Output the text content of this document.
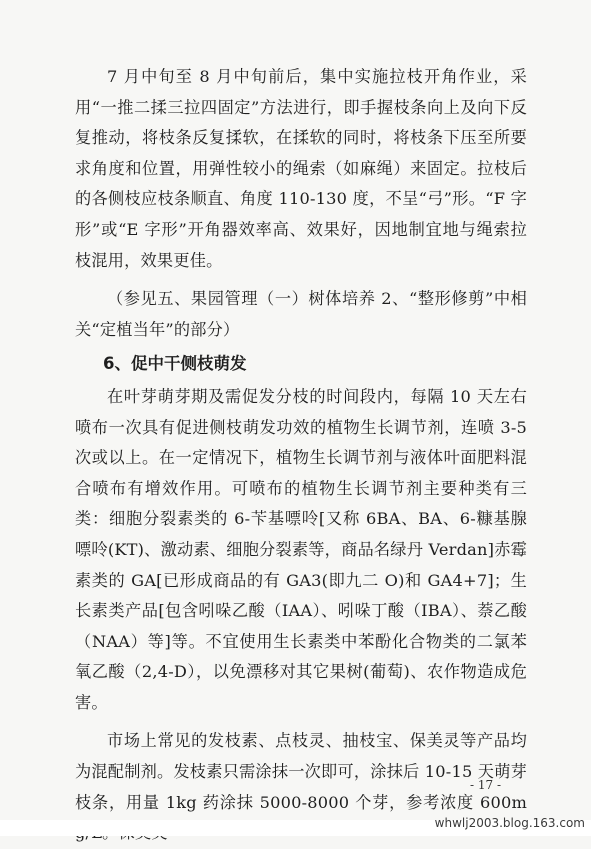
7 月中旬至 8 月中旬前后，集中实施拉枝开角作业，采用“一推二揉三拉四固定”方法进行，即手握枝条向上及向下反复推动，将枝条反复揉软，在揉软的同时，将枝条下压至所要求角度和位置，用弹性较小的绳索（如麻绳）来固定。拉枝后的各侧枝应枝条顺直、角度 110-130 度，不呈“弓”形。“F 字形”或“E 字形”开角器效率高、效果好，因地制宜地与绳索拉枝混用，效果更佳。

（参见五、果园管理（一）树体培养 2、“整形修剪”中相关“定植当年”的部分）

6、促中干侧枝萌发

在叶芽萌芽期及需促发分枝的时间段内，每隔 10 天左右喷布一次具有促进侧枝萌发功效的植物生长调节剂，连喷 3-5 次或以上。在一定情况下，植物生长调节剂与液体叶面肥料混合喷布有增效作用。可喷布的植物生长调节剂主要种类有三类：细胞分裂素类的 6-苄基嘌呤[又称 6BA、BA、6-糠基腺嘌呤(KT)、激动素、细胞分裂素等，商品名绿丹 Verdan]赤霉素类的 GA[已形成商品的有 GA3(即九二 O)和 GA4+7]；生长素类产品[包含吲哚乙酸（IAA）、吲哚丁酸（IBA）、萘乙酸（NAA）等]等。不宜使用生长素类中苯酚化合物类的二氯苯氧乙酸（2,4-D），以免漂移对其它果树(葡萄)、农作物造成危害。

市场上常见的发枝素、点枝灵、抽枝宝、保美灵等产品均为混配制剂。发枝素只需涂抹一次即可，涂抹后 10-15 天萌芽枝条，用量 1kg 药涂抹 5000-8000 个芽，参考浓度 600m

- 17 -
whwlj2003.blog.163.com
